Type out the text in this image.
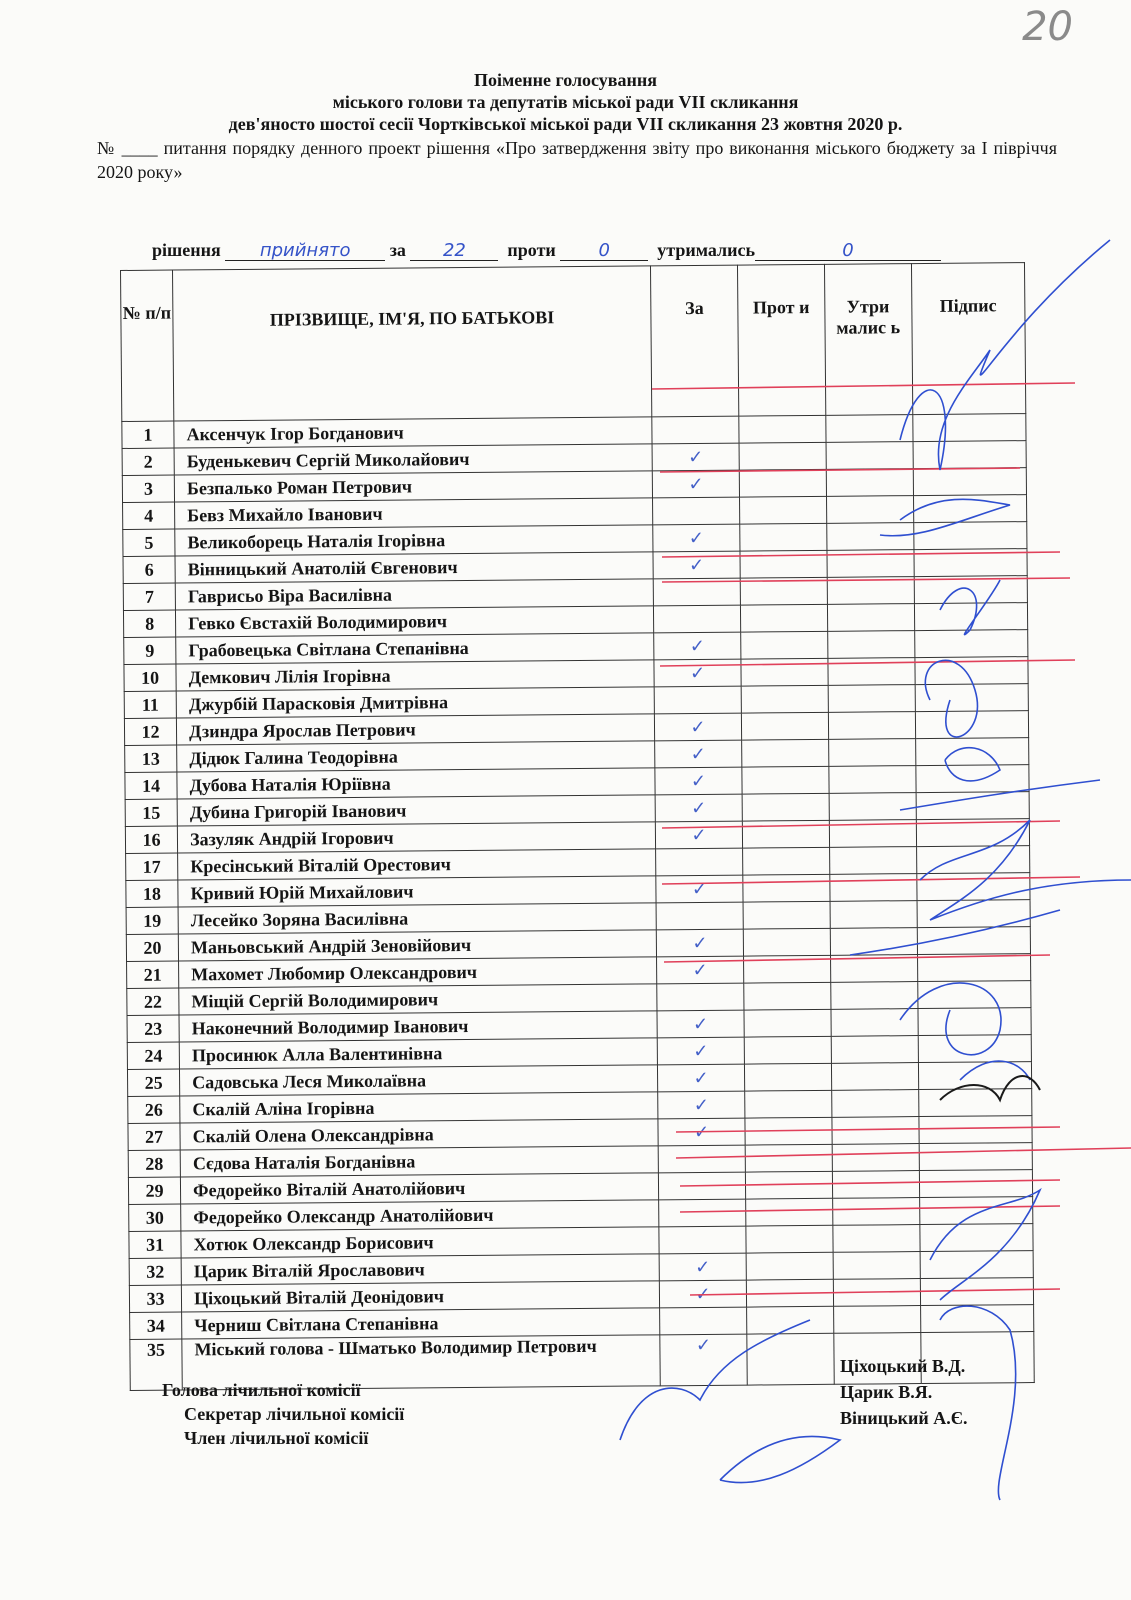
20
Поіменне голосування
міського голови та депутатів міської ради VII скликання
дев'яносто шостої сесії Чортківської міської ради VII скликання 23 жовтня 2020 р.
№ ____ питання порядку денного проект рішення «Про затвердження звіту про виконання міського бюджету за I півріччя 2020 року»
рішення прийнято за 22 проти 0	утримались	0
№ п/п	ПРІЗВИЩЕ, ІМ'Я, ПО БАТЬКОВІ	За	Прот и	Утри малис ь	Підпис
1	Аксенчук Ігор Богданович				
2	Буденькевич Сергій Миколайович	✓			
3	Безпалько Роман Петрович	✓			
4	Бевз Михайло Іванович				
5	Великоборець Наталія Ігорівна	✓			
6	Вінницький Анатолій Євгенович	✓			
7	Гаврисьо Віра Василівна				
8	Гевко Євстахій Володимирович				
9	Грабовецька Світлана Степанівна	✓			
10	Демкович Лілія Ігорівна	✓			
11	Джурбій Парасковія Дмитрівна				
12	Дзиндра Ярослав Петрович	✓			
13	Дідюк Галина Теодорівна	✓			
14	Дубова Наталія Юріївна	✓			
15	Дубина Григорій Іванович	✓			
16	Зазуляк Андрій Ігорович	✓			
17	Кресінський Віталій Орестович				
18	Кривий Юрій Михайлович	✓			
19	Лесейко Зоряна Василівна				
20	Маньовський Андрій Зеновійович	✓			
21	Махомет Любомир Олександрович	✓			
22	Міщій Сергій Володимирович				
23	Наконечний Володимир Іванович	✓			
24	Просинюк Алла Валентинівна	✓			
25	Садовська Леся Миколаївна	✓			
26	Скалій Аліна Ігорівна	✓			
27	Скалій Олена Олександрівна	✓			
28	Сєдова Наталія Богданівна				
29	Федорейко Віталій Анатолійович				
30	Федорейко Олександр Анатолійович				
31	Хотюк Олександр Борисович				
32	Царик Віталій Ярославович	✓			
33	Ціхоцький Віталій Деонідович	✓			
34	Черниш Світлана Степанівна				
35	Міський голова - Шматько Володимир Петрович	✓			
Голова лічильної комісії
Секретар лічильної комісії
Член лічильної комісії
Ціхоцький В.Д.
Царик В.Я.
Віницький А.Є.
